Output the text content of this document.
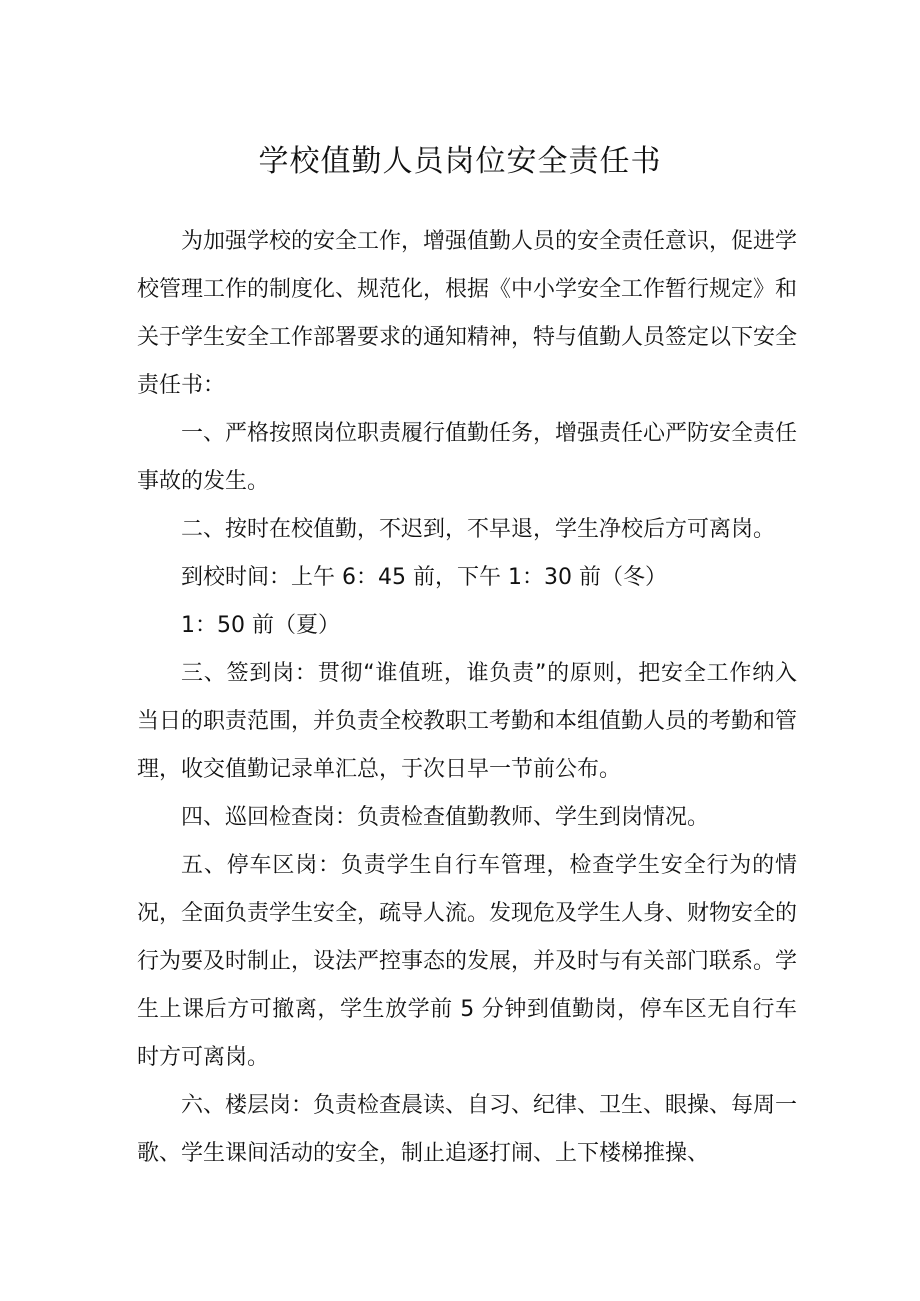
学校值勤人员岗位安全责任书

为加强学校的安全工作，增强值勤人员的安全责任意识，促进学校管理工作的制度化、规范化，根据《中小学安全工作暂行规定》和关于学生安全工作部署要求的通知精神，特与值勤人员签定以下安全责任书：

一、严格按照岗位职责履行值勤任务，增强责任心严防安全责任事故的发生。

二、按时在校值勤，不迟到，不早退，学生净校后方可离岗。

到校时间：上午 6：45 前，下午 1：30 前（冬）

1：50 前（夏）

三、签到岗：贯彻“谁值班，谁负责”的原则，把安全工作纳入当日的职责范围，并负责全校教职工考勤和本组值勤人员的考勤和管理，收交值勤记录单汇总，于次日早一节前公布。

四、巡回检查岗：负责检查值勤教师、学生到岗情况。

五、停车区岗：负责学生自行车管理，检查学生安全行为的情况，全面负责学生安全，疏导人流。发现危及学生人身、财物安全的行为要及时制止，设法严控事态的发展，并及时与有关部门联系。学生上课后方可撤离，学生放学前 5 分钟到值勤岗，停车区无自行车时方可离岗。

六、楼层岗：负责检查晨读、自习、纪律、卫生、眼操、每周一歌、学生课间活动的安全，制止追逐打闹、上下楼梯推操、
